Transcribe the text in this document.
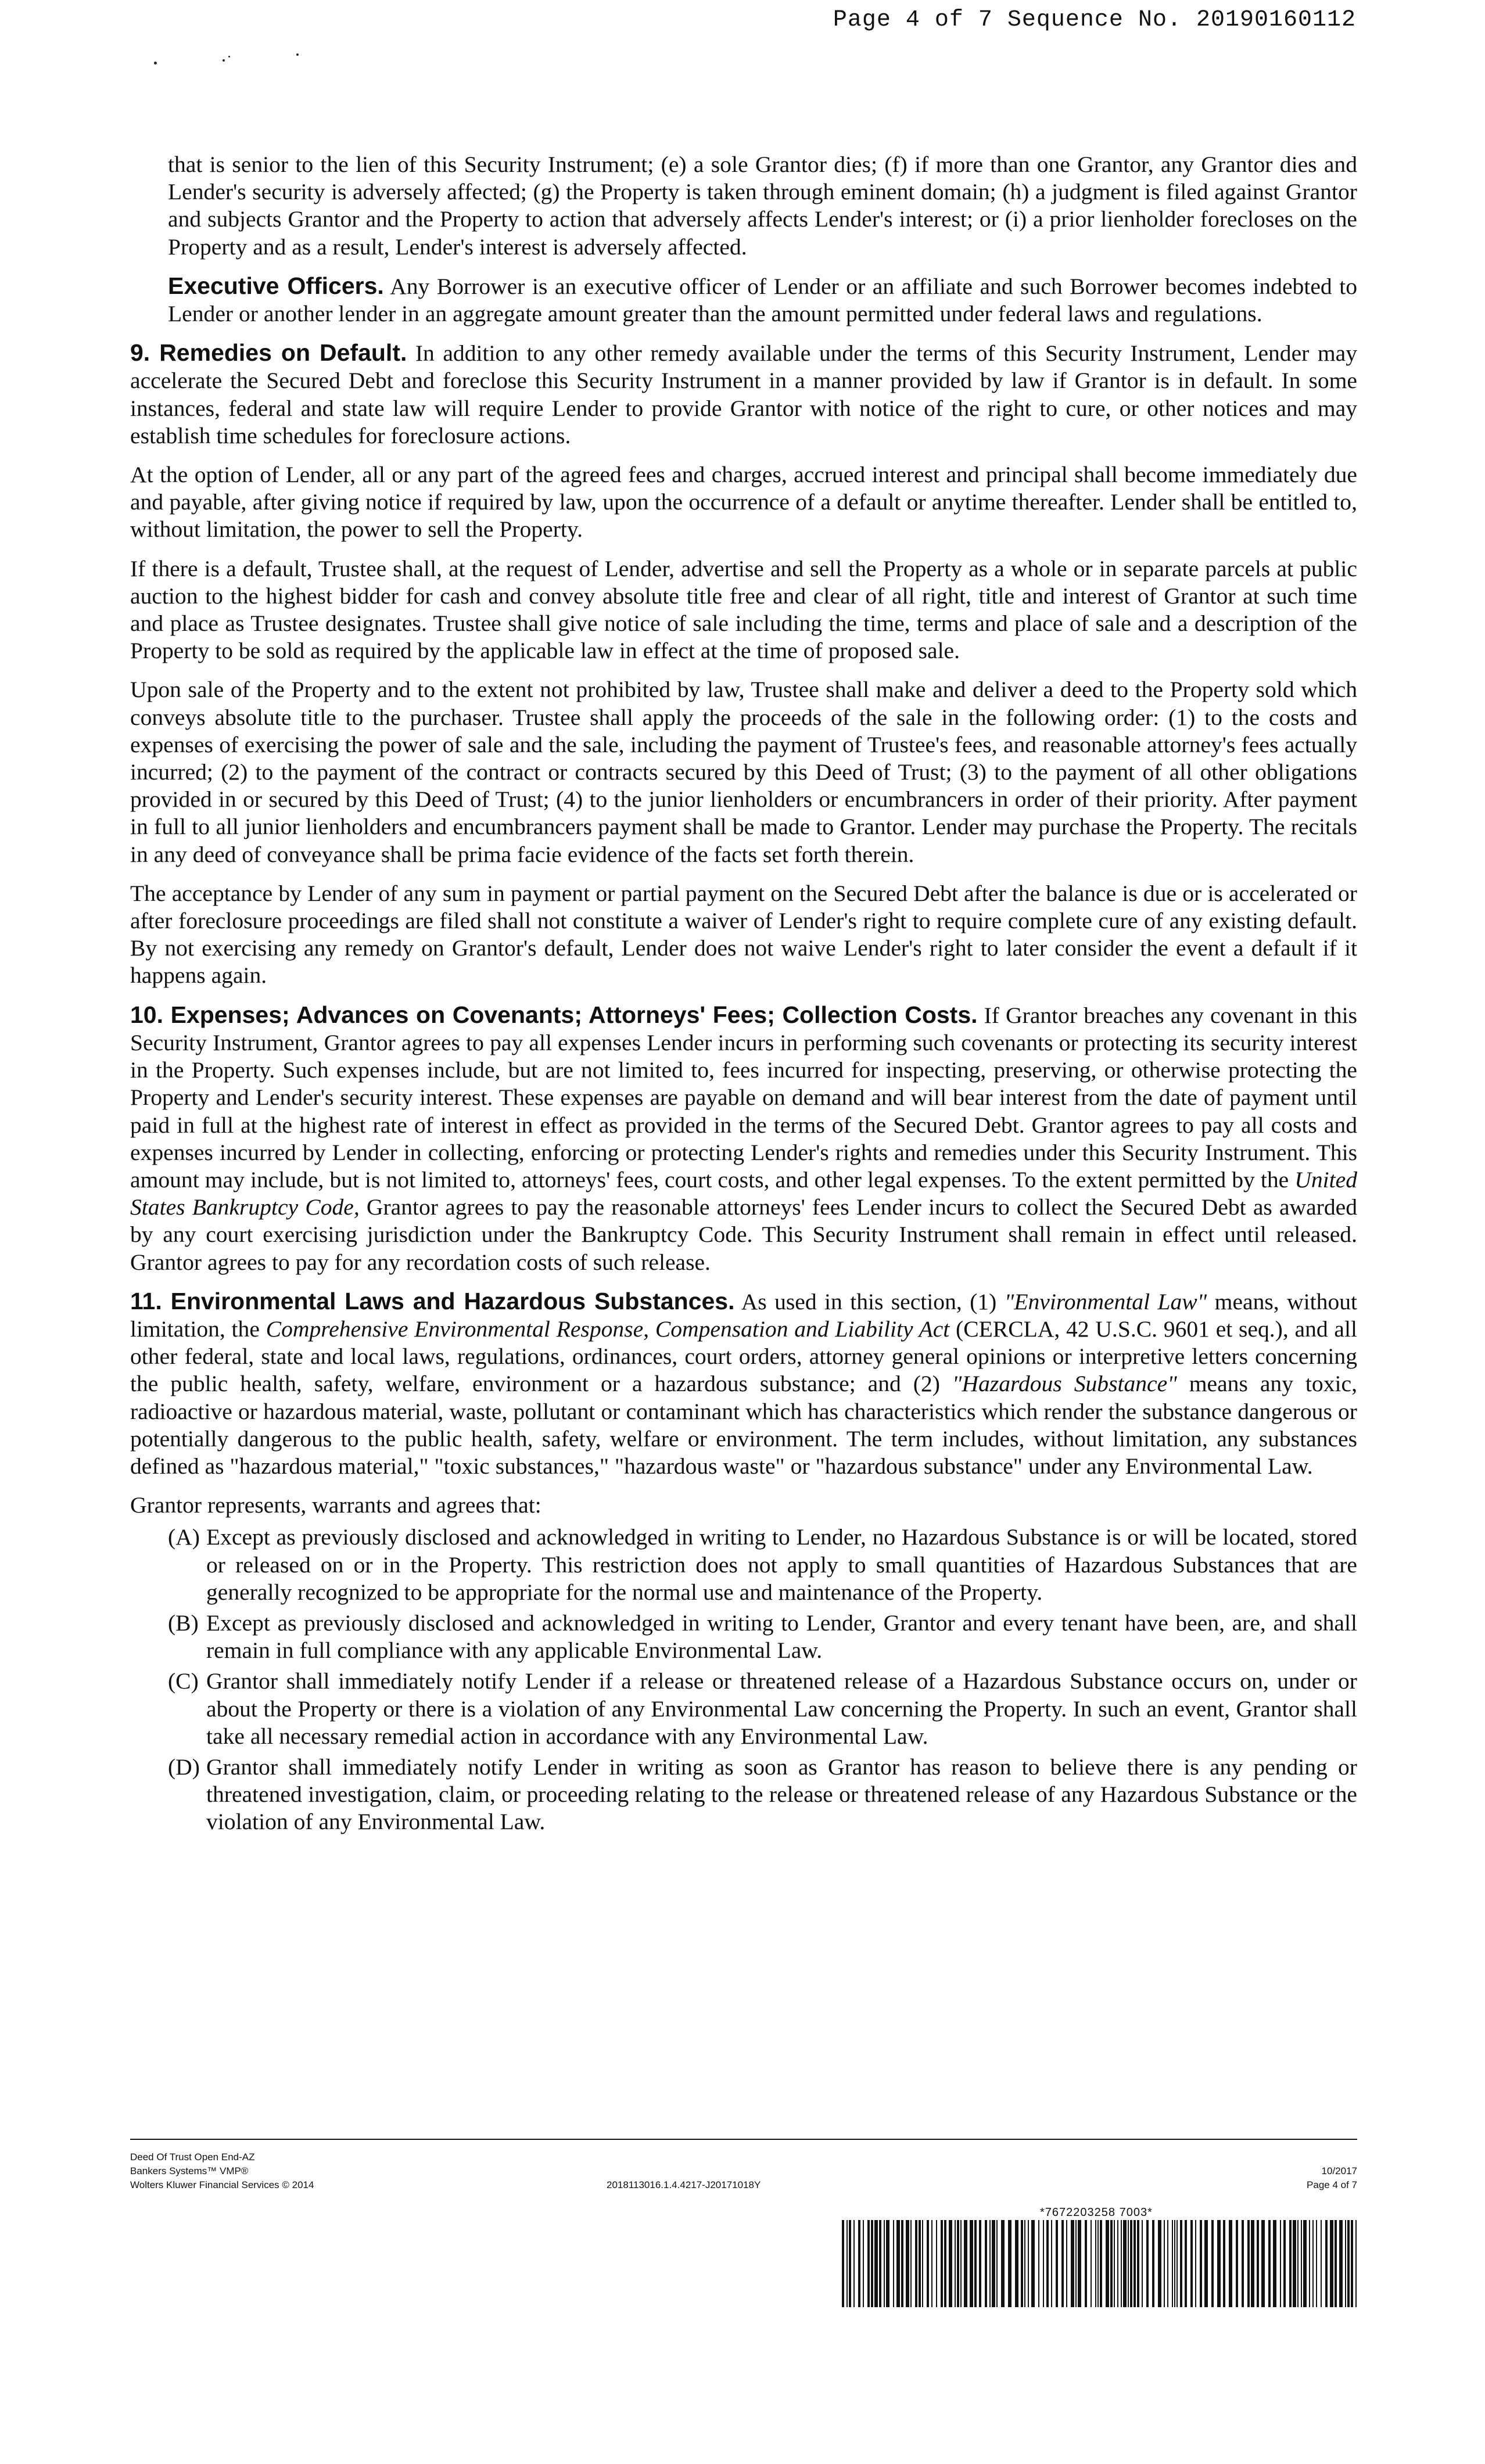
Page 4 of 7 Sequence No. 20190160112

that is senior to the lien of this Security Instrument; (e) a sole Grantor dies; (f) if more than one Grantor, any Grantor dies and Lender's security is adversely affected; (g) the Property is taken through eminent domain; (h) a judgment is filed against Grantor and subjects Grantor and the Property to action that adversely affects Lender's interest; or (i) a prior lienholder forecloses on the Property and as a result, Lender's interest is adversely affected.

Executive Officers. Any Borrower is an executive officer of Lender or an affiliate and such Borrower becomes indebted to Lender or another lender in an aggregate amount greater than the amount permitted under federal laws and regulations.

9. Remedies on Default. In addition to any other remedy available under the terms of this Security Instrument, Lender may accelerate the Secured Debt and foreclose this Security Instrument in a manner provided by law if Grantor is in default. In some instances, federal and state law will require Lender to provide Grantor with notice of the right to cure, or other notices and may establish time schedules for foreclosure actions.

At the option of Lender, all or any part of the agreed fees and charges, accrued interest and principal shall become immediately due and payable, after giving notice if required by law, upon the occurrence of a default or anytime thereafter. Lender shall be entitled to, without limitation, the power to sell the Property.

If there is a default, Trustee shall, at the request of Lender, advertise and sell the Property as a whole or in separate parcels at public auction to the highest bidder for cash and convey absolute title free and clear of all right, title and interest of Grantor at such time and place as Trustee designates. Trustee shall give notice of sale including the time, terms and place of sale and a description of the Property to be sold as required by the applicable law in effect at the time of proposed sale.

Upon sale of the Property and to the extent not prohibited by law, Trustee shall make and deliver a deed to the Property sold which conveys absolute title to the purchaser. Trustee shall apply the proceeds of the sale in the following order: (1) to the costs and expenses of exercising the power of sale and the sale, including the payment of Trustee's fees, and reasonable attorney's fees actually incurred; (2) to the payment of the contract or contracts secured by this Deed of Trust; (3) to the payment of all other obligations provided in or secured by this Deed of Trust; (4) to the junior lienholders or encumbrancers in order of their priority. After payment in full to all junior lienholders and encumbrancers payment shall be made to Grantor. Lender may purchase the Property. The recitals in any deed of conveyance shall be prima facie evidence of the facts set forth therein.

The acceptance by Lender of any sum in payment or partial payment on the Secured Debt after the balance is due or is accelerated or after foreclosure proceedings are filed shall not constitute a waiver of Lender's right to require complete cure of any existing default. By not exercising any remedy on Grantor's default, Lender does not waive Lender's right to later consider the event a default if it happens again.

10. Expenses; Advances on Covenants; Attorneys' Fees; Collection Costs. If Grantor breaches any covenant in this Security Instrument, Grantor agrees to pay all expenses Lender incurs in performing such covenants or protecting its security interest in the Property. Such expenses include, but are not limited to, fees incurred for inspecting, preserving, or otherwise protecting the Property and Lender's security interest. These expenses are payable on demand and will bear interest from the date of payment until paid in full at the highest rate of interest in effect as provided in the terms of the Secured Debt. Grantor agrees to pay all costs and expenses incurred by Lender in collecting, enforcing or protecting Lender's rights and remedies under this Security Instrument. This amount may include, but is not limited to, attorneys' fees, court costs, and other legal expenses. To the extent permitted by the United States Bankruptcy Code, Grantor agrees to pay the reasonable attorneys' fees Lender incurs to collect the Secured Debt as awarded by any court exercising jurisdiction under the Bankruptcy Code. This Security Instrument shall remain in effect until released. Grantor agrees to pay for any recordation costs of such release.

11. Environmental Laws and Hazardous Substances. As used in this section, (1) "Environmental Law" means, without limitation, the Comprehensive Environmental Response, Compensation and Liability Act (CERCLA, 42 U.S.C. 9601 et seq.), and all other federal, state and local laws, regulations, ordinances, court orders, attorney general opinions or interpretive letters concerning the public health, safety, welfare, environment or a hazardous substance; and (2) "Hazardous Substance" means any toxic, radioactive or hazardous material, waste, pollutant or contaminant which has characteristics which render the substance dangerous or potentially dangerous to the public health, safety, welfare or environment. The term includes, without limitation, any substances defined as "hazardous material," "toxic substances," "hazardous waste" or "hazardous substance" under any Environmental Law.

Grantor represents, warrants and agrees that:

(A) Except as previously disclosed and acknowledged in writing to Lender, no Hazardous Substance is or will be located, stored or released on or in the Property. This restriction does not apply to small quantities of Hazardous Substances that are generally recognized to be appropriate for the normal use and maintenance of the Property.
(B) Except as previously disclosed and acknowledged in writing to Lender, Grantor and every tenant have been, are, and shall remain in full compliance with any applicable Environmental Law.
(C) Grantor shall immediately notify Lender if a release or threatened release of a Hazardous Substance occurs on, under or about the Property or there is a violation of any Environmental Law concerning the Property. In such an event, Grantor shall take all necessary remedial action in accordance with any Environmental Law.
(D) Grantor shall immediately notify Lender in writing as soon as Grantor has reason to believe there is any pending or threatened investigation, claim, or proceeding relating to the release or threatened release of any Hazardous Substance or the violation of any Environmental Law.
Deed Of Trust Open End-AZ
Bankers Systems™ VMP®
Wolters Kluwer Financial Services © 2014	2018113016.1.4.4217-J20171018Y
10/2017
Page 4 of 7
*7672203258 7003*
